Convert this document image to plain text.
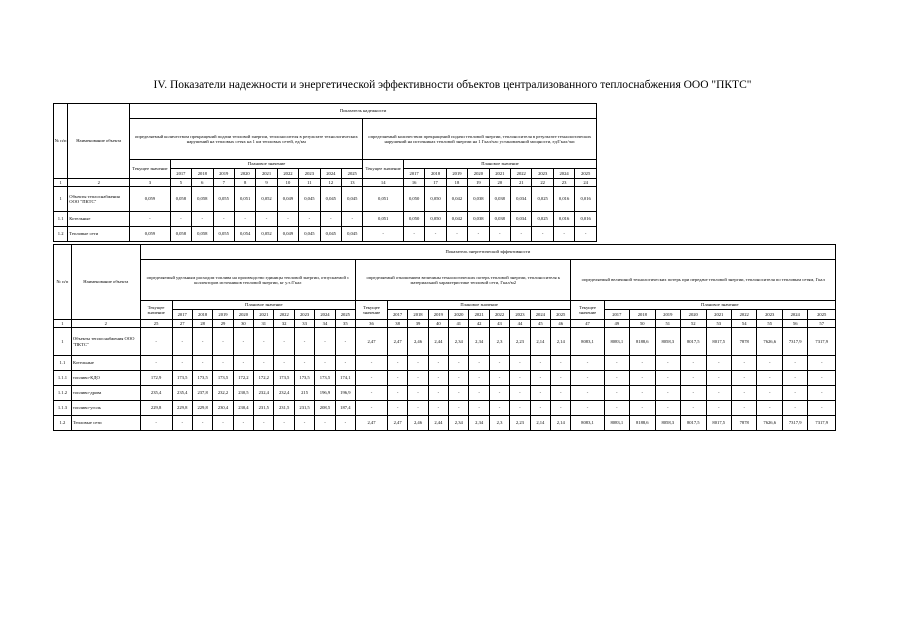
IV. Показатели надежности и энергетической эффективности объектов централизованного теплоснабжения ООО "ПКТС"
№ п/п	Наименование объекта	Показатель надежности																			
		определяемый количеством прекращений подачи тепловой энергии, теплоносителя в результате технологических нарушений на тепловых сетях на 1 км тепловых сетей, ед/км										определяемый количеством прекращений подачи тепловой энергии, теплоносителя в результате технологических нарушений на источниках тепловой энергии на 1 Гкал/час установленной мощности, ед/Гкал/час									
		Текущее значение	Плановое значение									Текущее значение	Плановое значение								
			2017	2018	2019	2020	2021	2022	2023	2024	2025		2017	2018	2019	2020	2021	2022	2023	2024	2025
1	2	3	5	6	7	8	9	10	11	12	13	14	16	17	18	19	20	21	22	23	24
1	Объекты теплоснабжения ООО "ПКТС"	0,059	0,058	0,058	0,055	0,051	0,052	0,049	0,045	0,045	0,045	0,051	0,050	0,050	0,042	0,038	0,038	0,034	0,025	0,016	0,016
1.1	Котельные	-	-	-	-	-	-	-	-	-	-	0,051	0,050	0,050	0,042	0,038	0,038	0,034	0,025	0,016	0,016
1.2	Тепловые сети	0,059	0,058	0,058	0,055	0,054	0,052	0,049	0,045	0,045	0,045	-	-	-	-	-	-	-	-	-	-
№ п/п	Наименование объекта	Показатель энергетической эффективности																													
		определяемый удельным расходом топлива на производство единицы тепловой энергии, отпускаемой с коллекторов источников тепловой энергии, кг у.т./Гкал										определяемый отношением величины технологических потерь тепловой энергии, теплоносителя к материальной характеристике тепловой сети, Гкал/м2										определяемый величиной технологических потерь при передаче тепловой энергии, теплоносителя по тепловым сетям, Гкал									
		Текущее значение	Плановое значение									Текущее значение	Плановое значение									Текущее значение	Плановое значение								
			2017	2018	2019	2020	2021	2022	2023	2024	2025		2017	2018	2019	2020	2021	2022	2023	2024	2025		2017	2018	2019	2020	2021	2022	2023	2024	2025
1	2	25	27	28	29	30	31	32	33	34	35	36	38	39	40	41	42	43	44	45	46	47	49	50	51	52	53	54	55	56	57
1	Объекты теплоснабжения ООО "ПКТС"	-	-	-	-	-	-	-	-	-	-	2,47	2,47	2,46	2,44	2,34	2,34	2,3	2,23	2,14	2,14	8083,1	8083,1	8188,6	8058,3	8017,5	8017,5	7878	7626,6	7317,9	7317,9
1.1	Котельные	-	-	-	-	-	-	-	-	-	-	-	-	-	-	-	-	-	-	-	-	-	-	-	-	-	-	-	-	-	-
1.1.1	топливо-КДО	172,9	173,5	173,5	173,5	172,2	172,2	173,5	173,5	173,5	174,1	-	-	-	-	-	-	-	-	-	-	-	-	-	-	-	-	-	-	-	-
1.1.2	топливо-дрова	235,4	235,4	237,8	232,2	230,5	232,4	232,4	215	196,9	196,9	-	-	-	-	-	-	-	-	-	-	-	-	-	-	-	-	-	-	-	-
1.1.3	топливо-уголь	229,8	229,8	229,8	230,4	230,4	231,5	231,5	231,5	208,5	187,4	-	-	-	-	-	-	-	-	-	-	-	-	-	-	-	-	-	-	-	-
1.2	Тепловые сети	-	-	-	-	-	-	-	-	-	-	2,47	2,47	2,46	2,44	2,34	2,34	2,3	2,23	2,14	2,14	8083,1	8083,1	8188,6	8058,3	8017,5	8017,5	7878	7626,6	7317,9	7317,9
